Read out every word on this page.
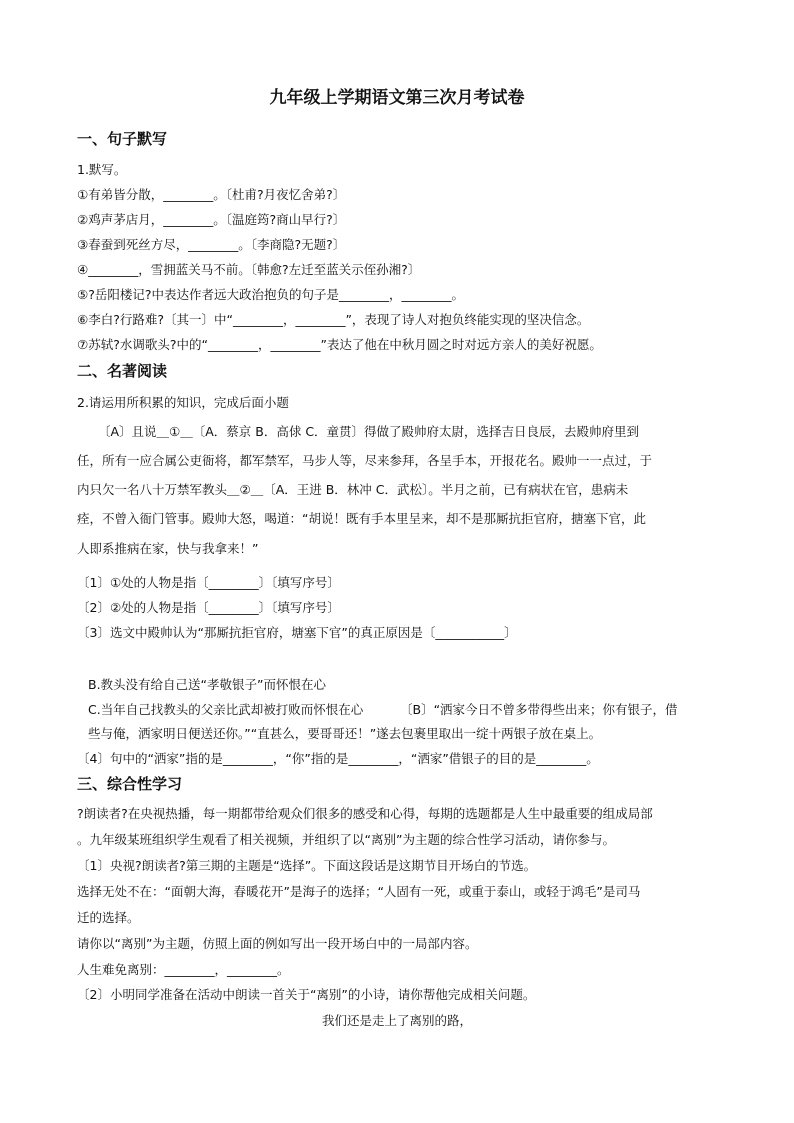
九年级上学期语文第三次月考试卷
一、句子默写
1.默写。
①有弟皆分散，________。〔杜甫?月夜忆舍弟?〕
②鸡声茅店月，________。〔温庭筠?商山早行?〕
③春蚕到死丝方尽，________。〔李商隐?无题?〕
④________，雪拥蓝关马不前。〔韩愈?左迁至蓝关示侄孙湘?〕
⑤?岳阳楼记?中表达作者远大政治抱负的句子是________，________。
⑥李白?行路难?〔其一〕中“________，________”，表现了诗人对抱负终能实现的坚决信念。
⑦苏轼?水调歌头?中的“________，________”表达了他在中秋月圆之时对远方亲人的美好祝愿。
二、名著阅读
2.请运用所积累的知识，完成后面小题
〔A〕且说＿①＿〔A．蔡京 B．高俅 C．童贯〕得做了殿帅府太尉，选择吉日良辰，去殿帅府里到
任，所有一应合属公吏衙将，都军禁军，马步人等，尽来参拜，各呈手本，开报花名。殿帅一一点过，于
内只欠一名八十万禁军教头＿②＿〔A．王进 B．林冲 C．武松〕。半月之前，已有病状在官，患病未
痊，不曾入衙门管事。殿帅大怒，喝道：“胡说！既有手本里呈来，却不是那厮抗拒官府，搪塞下官，此
人即系推病在家，快与我拿来！”
〔1〕①处的人物是指〔________〕〔填写序号〕
〔2〕②处的人物是指〔________〕〔填写序号〕
〔3〕选文中殿帅认为“那厮抗拒官府，塘塞下官”的真正原因是〔___________〕
B.教头没有给自己送“孝敬银子”而怀恨在心
C.当年自己找教头的父亲比武却被打败而怀恨在心	〔B〕“洒家今日不曾多带得些出来；你有银子，借
些与俺，洒家明日便送还你。”“直甚么，要哥哥还！”遂去包裹里取出一绽十两银子放在桌上。
〔4〕句中的“洒家”指的是________，“你”指的是________，“洒家”借银子的目的是________。
三、综合性学习
?朗读者?在央视热播，每一期都带给观众们很多的感受和心得，每期的选题都是人生中最重要的组成局部
。九年级某班组织学生观看了相关视频，并组织了以“离别”为主题的综合性学习活动，请你参与。
〔1〕央视?朗读者?第三期的主题是“选择”。下面这段话是这期节目开场白的节选。
选择无处不在：“面朝大海，春暖花开”是海子的选择；“人固有一死，或重于泰山，或轻于鸿毛”是司马
迁的选择。
请你以“离别”为主题，仿照上面的例如写出一段开场白中的一局部内容。
人生难免离别：________，________。
〔2〕小明同学准备在活动中朗读一首关于“离别”的小诗，请你帮他完成相关问题。
我们还是走上了离别的路，
